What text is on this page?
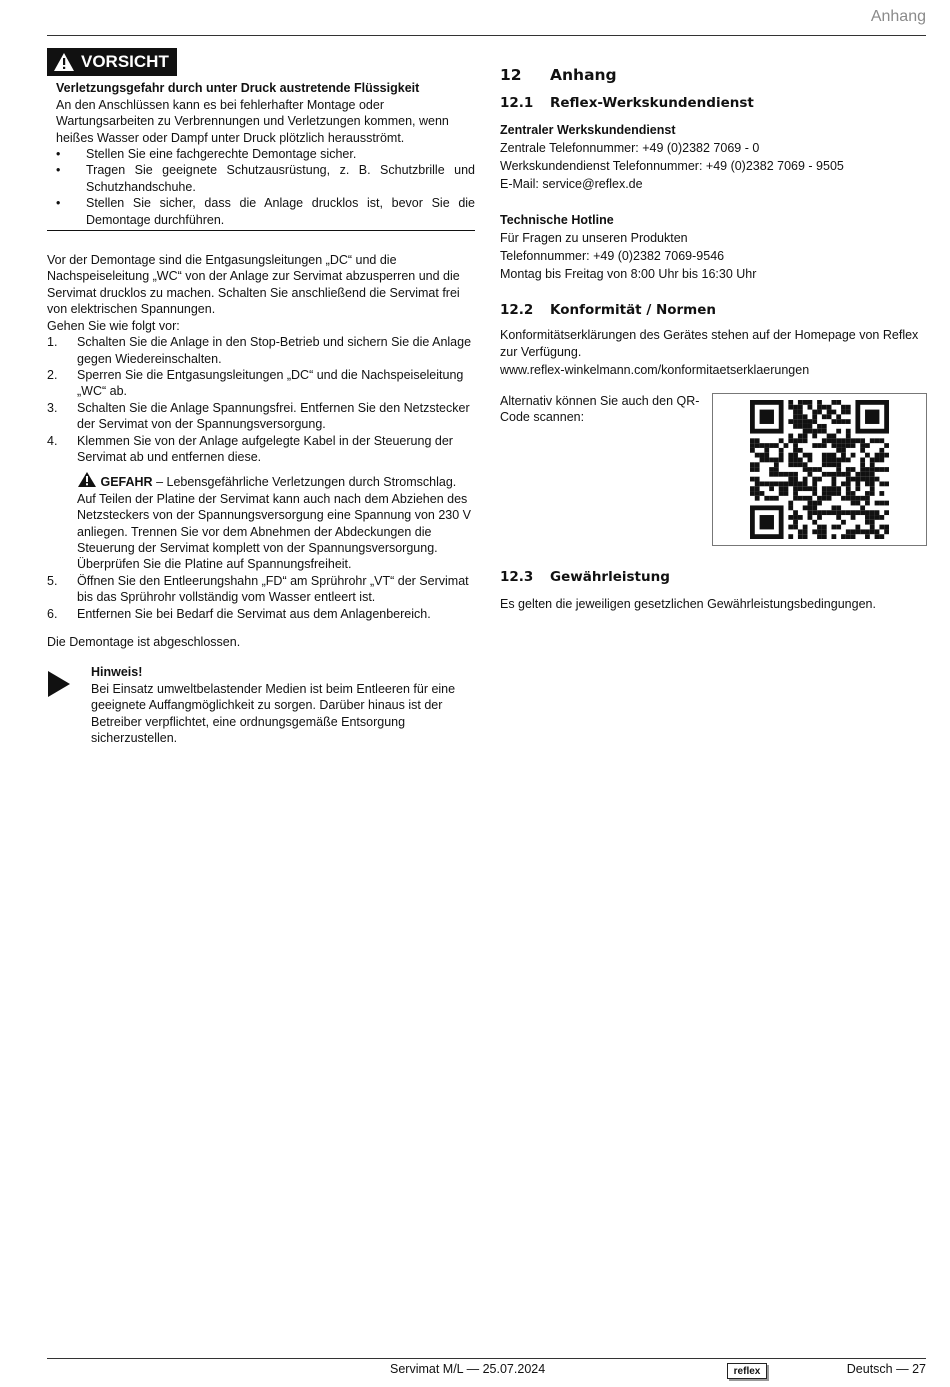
Anhang
VORSICHT
Verletzungsgefahr durch unter Druck austretende Flüssigkeit
An den Anschlüssen kann es bei fehlerhafter Montage oder Wartungsarbeiten zu Verbrennungen und Verletzungen kommen, wenn heißes Wasser oder Dampf unter Druck plötzlich herausströmt.
•	Stellen Sie eine fachgerechte Demontage sicher.
•	Tragen Sie geeignete Schutzausrüstung, z. B. Schutzbrille und Schutzhandschuhe.
•	Stellen Sie sicher, dass die Anlage drucklos ist, bevor Sie die Demontage durchführen.
Vor der Demontage sind die Entgasungsleitungen „DC“ und die Nachspeiseleitung „WC“ von der Anlage zur Servimat abzusperren und die Servimat drucklos zu machen. Schalten Sie anschließend die Servimat frei von elektrischen Spannungen.
Gehen Sie wie folgt vor:
1.	Schalten Sie die Anlage in den Stop-Betrieb und sichern Sie die Anlage gegen Wiedereinschalten.
2.	Sperren Sie die Entgasungsleitungen „DC“ und die Nachspeiseleitung „WC“ ab.
3.	Schalten Sie die Anlage Spannungsfrei. Entfernen Sie den Netzstecker der Servimat von der Spannungsversorgung.
4.	Klemmen Sie von der Anlage aufgelegte Kabel in der Steuerung der Servimat ab und entfernen diese.
GEFAHR – Lebensgefährliche Verletzungen durch Stromschlag. Auf Teilen der Platine der Servimat kann auch nach dem Abziehen des Netzsteckers von der Spannungsversorgung eine Spannung von 230 V anliegen. Trennen Sie vor dem Abnehmen der Abdeckungen die Steuerung der Servimat komplett von der Spannungsversorgung. Überprüfen Sie die Platine auf Spannungsfreiheit.
5.	Öffnen Sie den Entleerungshahn „FD“ am Sprührohr „VT“ der Servimat bis das Sprührohr vollständig vom Wasser entleert ist.
6.	Entfernen Sie bei Bedarf die Servimat aus dem Anlagenbereich.
Die Demontage ist abgeschlossen.
Hinweis!
Bei Einsatz umweltbelastender Medien ist beim Entleeren für eine geeignete Auffangmöglichkeit zu sorgen. Darüber hinaus ist der Betreiber verpflichtet, eine ordnungsgemäße Entsorgung sicherzustellen.
12	Anhang
12.1	Reflex-Werkskundendienst
Zentraler Werkskundendienst
Zentrale Telefonnummer: +49 (0)2382 7069 - 0
Werkskundendienst Telefonnummer: +49 (0)2382 7069 - 9505
E-Mail: service@reflex.de
Technische Hotline
Für Fragen zu unseren Produkten
Telefonnummer: +49 (0)2382 7069-9546
Montag bis Freitag von 8:00 Uhr bis 16:30 Uhr
12.2	Konformität / Normen
Konformitätserklärungen des Gerätes stehen auf der Homepage von Reflex zur Verfügung.
www.reflex-winkelmann.com/konformitaetserklaerungen
Alternativ können Sie auch den QR-Code scannen:
12.3	Gewährleistung
Es gelten die jeweiligen gesetzlichen Gewährleistungsbedingungen.
Servimat M/L — 25.07.2024	reflex	Deutsch — 27
